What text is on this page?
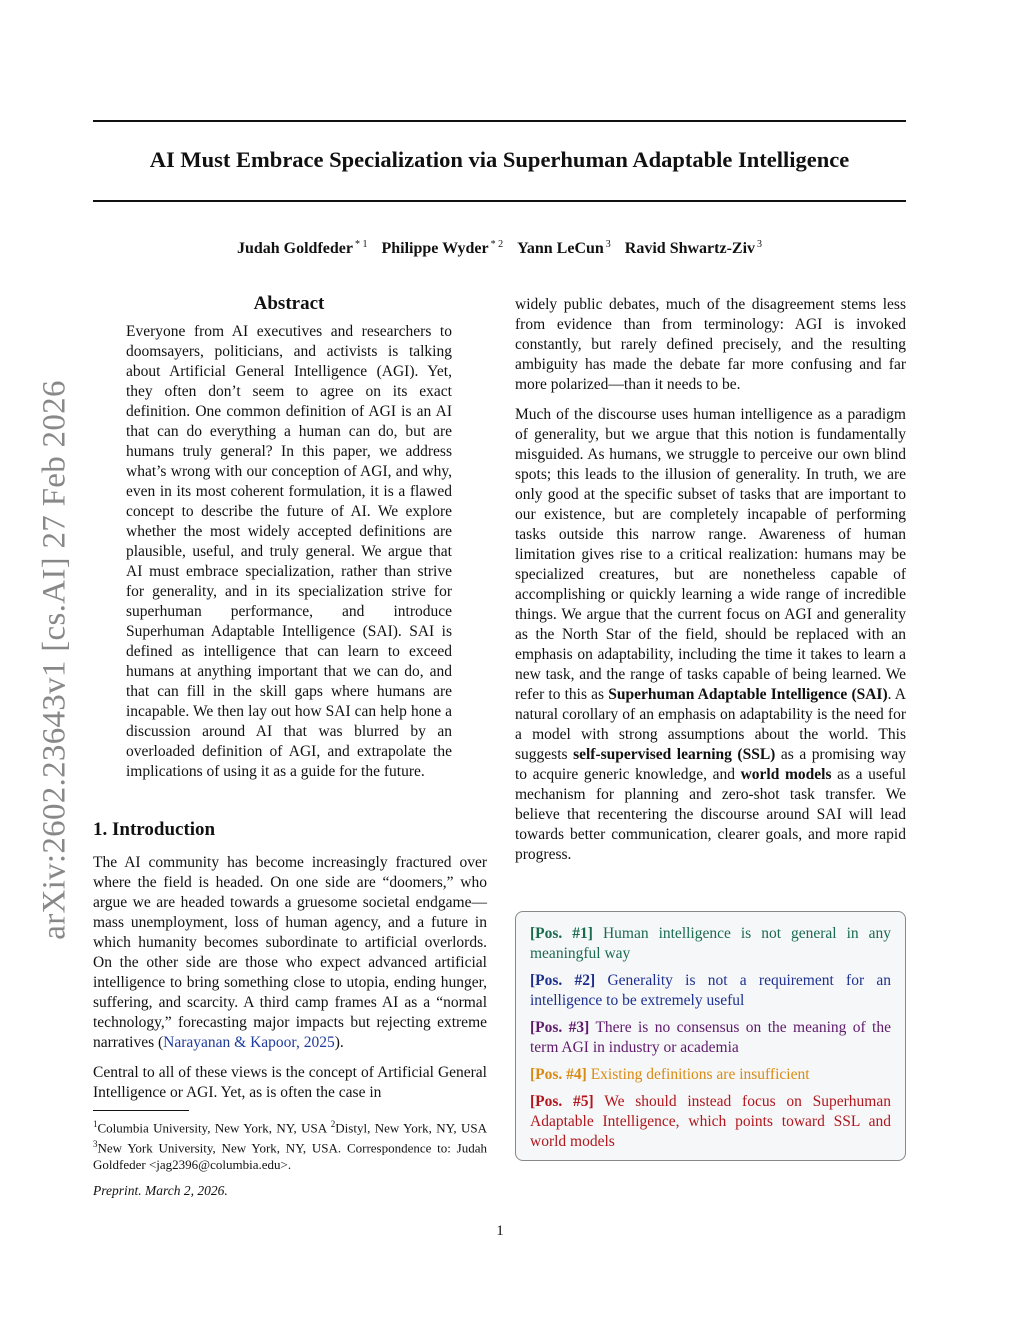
arXiv:2602.23643v1 [cs.AI] 27 Feb 2026
AI Must Embrace Specialization via Superhuman Adaptable Intelligence
Judah Goldfeder $^{* 1}$ Philippe Wyder $^{* 2}$ Yann LeCun $^3$ Ravid Shwartz-Ziv $^3$
Abstract

Everyone from AI executives and researchers to doomsayers, politicians, and activists is talking about Artificial General Intelligence (AGI). Yet, they often don’t seem to agree on its exact definition. One common definition of AGI is an AI that can do everything a human can do, but are humans truly general? In this paper, we address what’s wrong with our conception of AGI, and why, even in its most coherent formulation, it is a flawed concept to describe the future of AI. We explore whether the most widely accepted definitions are plausible, useful, and truly general. We argue that AI must embrace specialization, rather than strive for generality, and in its specialization strive for superhuman performance, and introduce Superhuman Adaptable Intelligence (SAI). SAI is defined as intelligence that can learn to exceed humans at anything important that we can do, and that can fill in the skill gaps where humans are incapable. We then lay out how SAI can help hone a discussion around AI that was blurred by an overloaded definition of AGI, and extrapolate the implications of using it as a guide for the future.

1. Introduction

The AI community has become increasingly fractured over where the field is headed. On one side are “doomers,” who argue we are headed towards a gruesome societal endgame—mass unemployment, loss of human agency, and a future in which humanity becomes subordinate to artificial overlords. On the other side are those who expect advanced artificial intelligence to bring something close to utopia, ending hunger, suffering, and scarcity. A third camp frames AI as a “normal technology,” forecasting major impacts but rejecting extreme narratives (Narayanan & Kapoor, 2025).

Central to all of these views is the concept of Artificial General Intelligence or AGI. Yet, as is often the case in

$^1$Columbia University, New York, NY, USA $^2$Distyl, New York, NY, USA $^3$New York University, New York, NY, USA. Correspondence to: Judah Goldfeder <jag2396@columbia.edu>.
Preprint. March 2, 2026.

widely public debates, much of the disagreement stems less from evidence than from terminology: AGI is invoked constantly, but rarely defined precisely, and the resulting ambiguity has made the debate far more confusing and far more polarized—than it needs to be.

Much of the discourse uses human intelligence as a paradigm of generality, but we argue that this notion is fundamentally misguided. As humans, we struggle to perceive our own blind spots; this leads to the illusion of generality. In truth, we are only good at the specific subset of tasks that are important to our existence, but are completely incapable of performing tasks outside this narrow range. Awareness of human limitation gives rise to a critical realization: humans may be specialized creatures, but are nonetheless capable of accomplishing or quickly learning a wide range of incredible things. We argue that the current focus on AGI and generality as the North Star of the field, should be replaced with an emphasis on adaptability, including the time it takes to learn a new task, and the range of tasks capable of being learned. We refer to this as Superhuman Adaptable Intelligence (SAI). A natural corollary of an emphasis on adaptability is the need for a model with strong assumptions about the world. This suggests self-supervised learning (SSL) as a promising way to acquire generic knowledge, and world models as a useful mechanism for planning and zero-shot task transfer. We believe that recentering the discourse around SAI will lead towards better communication, clearer goals, and more rapid progress.

[Pos. #1] Human intelligence is not general in any meaningful way

[Pos. #2] Generality is not a requirement for an intelligence to be extremely useful

[Pos. #3] There is no consensus on the meaning of the term AGI in industry or academia

[Pos. #4] Existing definitions are insufficient

[Pos. #5] We should instead focus on Superhuman Adaptable Intelligence, which points toward SSL and world models

1
